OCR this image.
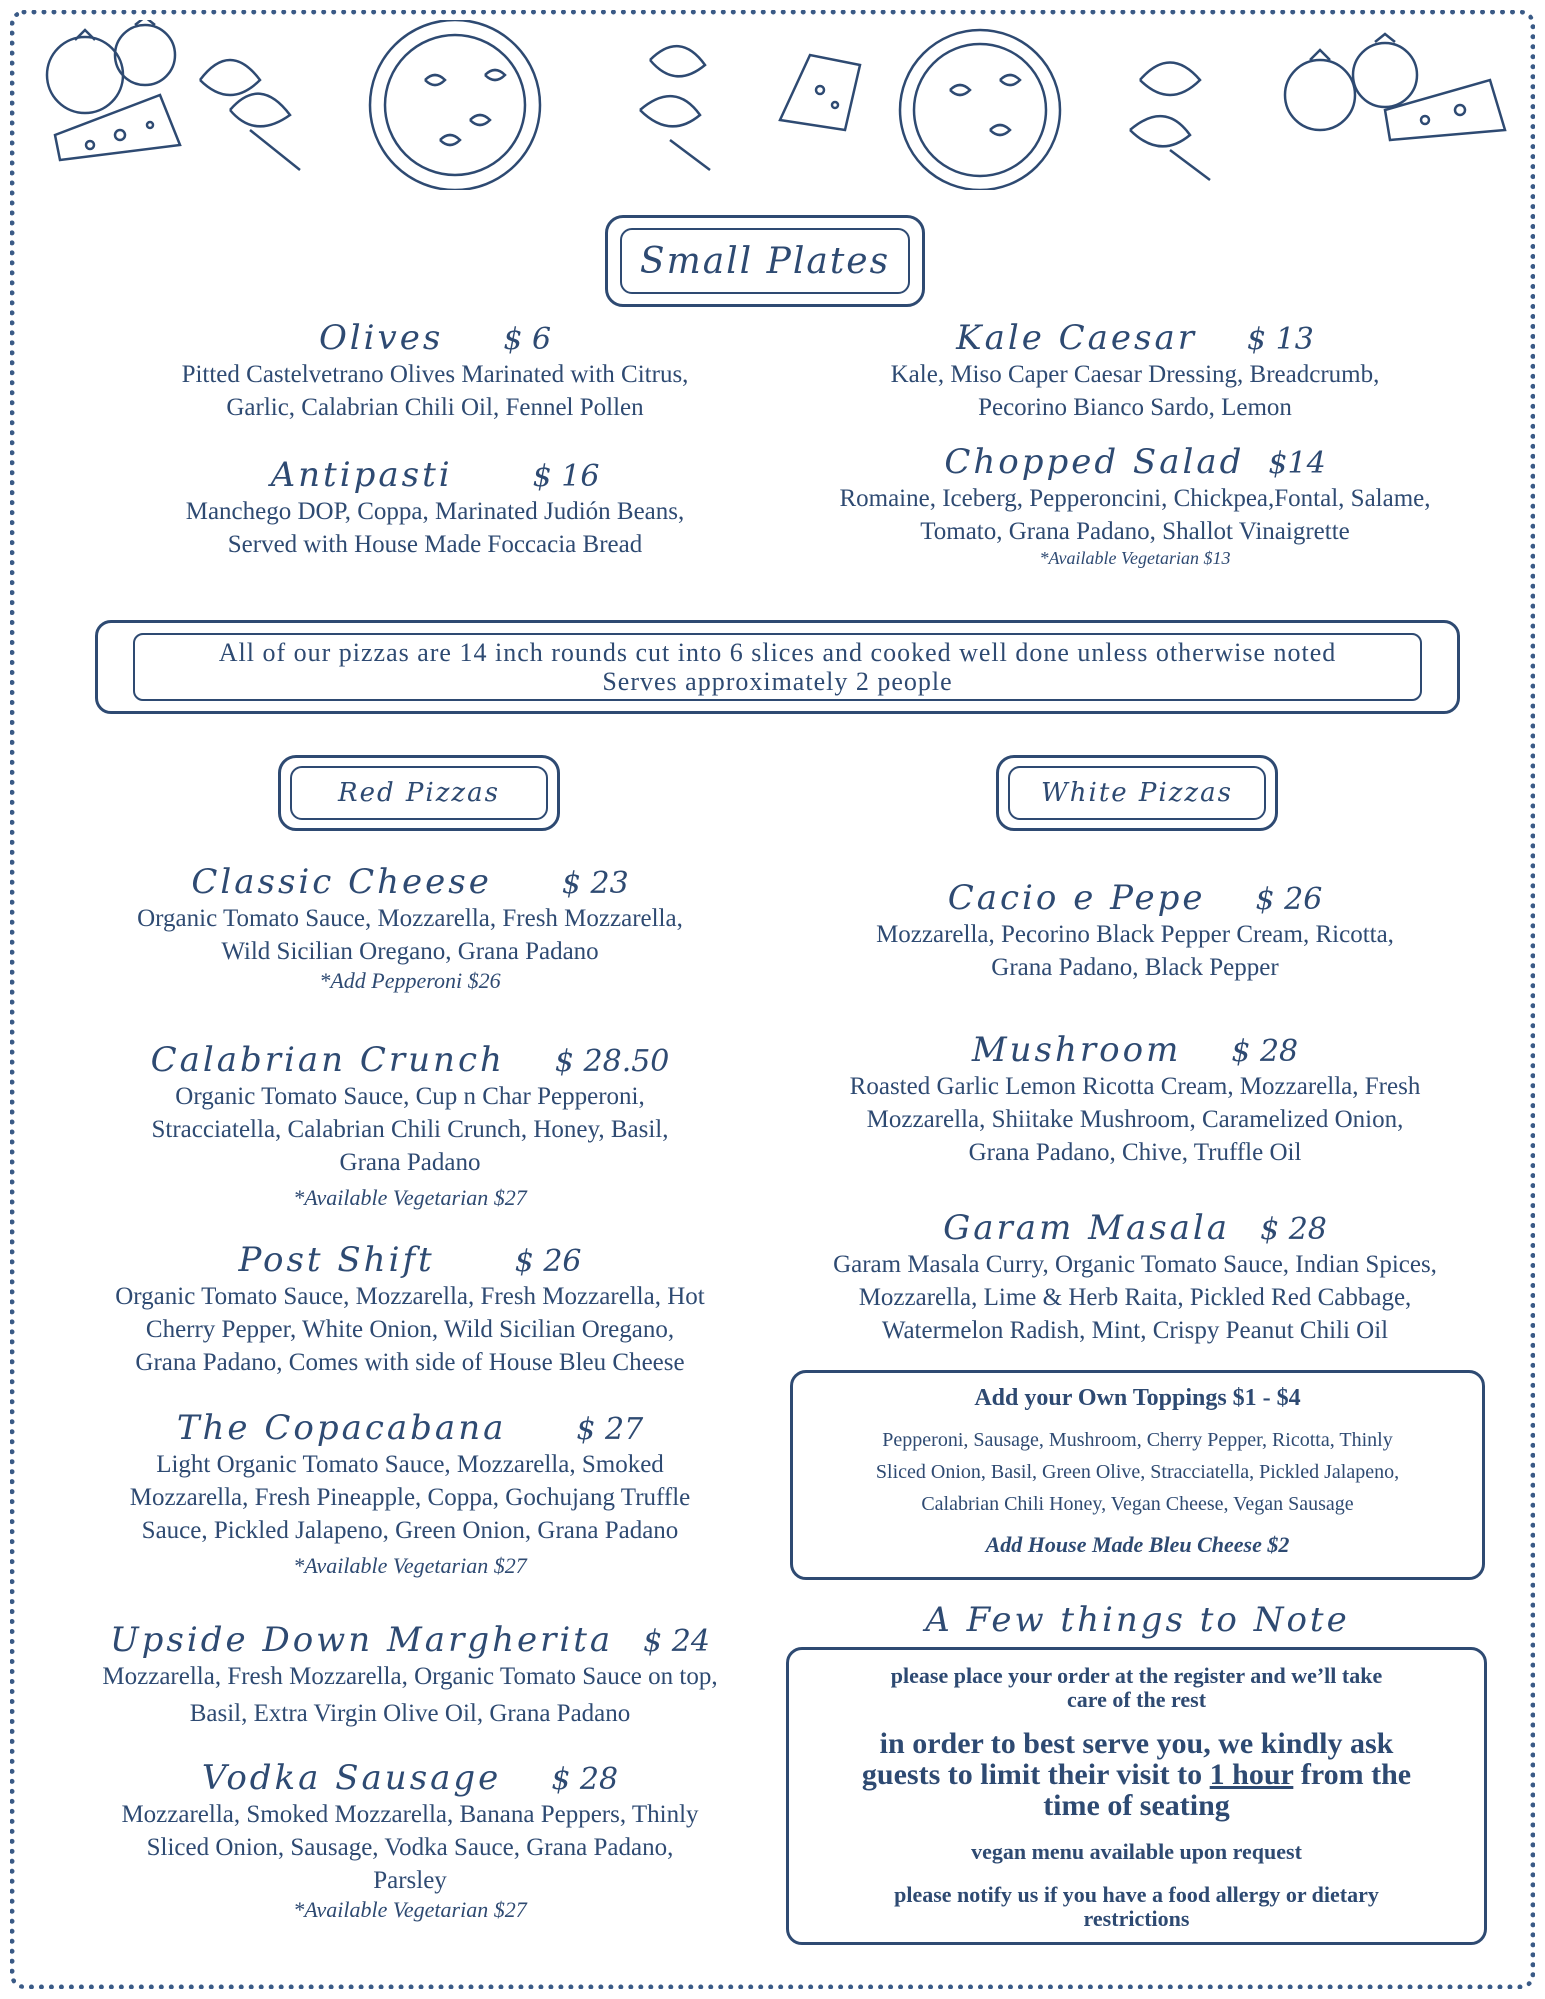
Small Plates
Olives $ 6
Pitted Castelvetrano Olives Marinated with Citrus,
Garlic, Calabrian Chili Oil, Fennel Pollen
Kale Caesar $ 13
Kale, Miso Caper Caesar Dressing, Breadcrumb,
Pecorino Bianco Sardo, Lemon
Antipasti	$ 16
Manchego DOP, Coppa, Marinated Judión Beans,
Served with House Made Foccacia Bread
Chopped Salad $14
Romaine, Iceberg, Pepperoncini, Chickpea,Fontal, Salame,
Tomato, Grana Padano, Shallot Vinaigrette
*Available Vegetarian $13
All of our pizzas are 14 inch rounds cut into 6 slices and cooked well done unless otherwise noted
Serves approximately 2 people
Red Pizzas	White Pizzas
Classic Cheese $ 23
Organic Tomato Sauce, Mozzarella, Fresh Mozzarella,
Wild Sicilian Oregano, Grana Padano
*Add Pepperoni $26
Calabrian Crunch $ 28.50
Organic Tomato Sauce, Cup n Char Pepperoni,
Stracciatella, Calabrian Chili Crunch, Honey, Basil,
Grana Padano
*Available Vegetarian $27
Post Shift	$ 26
Organic Tomato Sauce, Mozzarella, Fresh Mozzarella, Hot
Cherry Pepper, White Onion, Wild Sicilian Oregano,
Grana Padano, Comes with side of House Bleu Cheese
The Copacabana $ 27
Light Organic Tomato Sauce, Mozzarella, Smoked
Mozzarella, Fresh Pineapple, Coppa, Gochujang Truffle
Sauce, Pickled Jalapeno, Green Onion, Grana Padano
*Available Vegetarian $27
Upside Down Margherita $ 24
Mozzarella, Fresh Mozzarella, Organic Tomato Sauce on top,
Basil, Extra Virgin Olive Oil, Grana Padano
Vodka Sausage $ 28
Mozzarella, Smoked Mozzarella, Banana Peppers, Thinly
Sliced Onion, Sausage, Vodka Sauce, Grana Padano,
Parsley
*Available Vegetarian $27
Cacio e Pepe $ 26
Mozzarella, Pecorino Black Pepper Cream, Ricotta,
Grana Padano, Black Pepper
Mushroom $ 28
Roasted Garlic Lemon Ricotta Cream, Mozzarella, Fresh
Mozzarella, Shiitake Mushroom, Caramelized Onion,
Grana Padano, Chive, Truffle Oil
Garam Masala $ 28
Garam Masala Curry, Organic Tomato Sauce, Indian Spices,
Mozzarella, Lime & Herb Raita, Pickled Red Cabbage,
Watermelon Radish, Mint, Crispy Peanut Chili Oil
Add your Own Toppings $1 - $4
Pepperoni, Sausage, Mushroom, Cherry Pepper, Ricotta, Thinly
Sliced Onion, Basil, Green Olive, Stracciatella, Pickled Jalapeno,
Calabrian Chili Honey, Vegan Cheese, Vegan Sausage
Add House Made Bleu Cheese $2
A Few things to Note
please place your order at the register and we’ll take care of the rest
in order to best serve you, we kindly ask guests to limit their visit to 1 hour from the time of seating
vegan menu available upon request
please notify us if you have a food allergy or dietary restrictions
